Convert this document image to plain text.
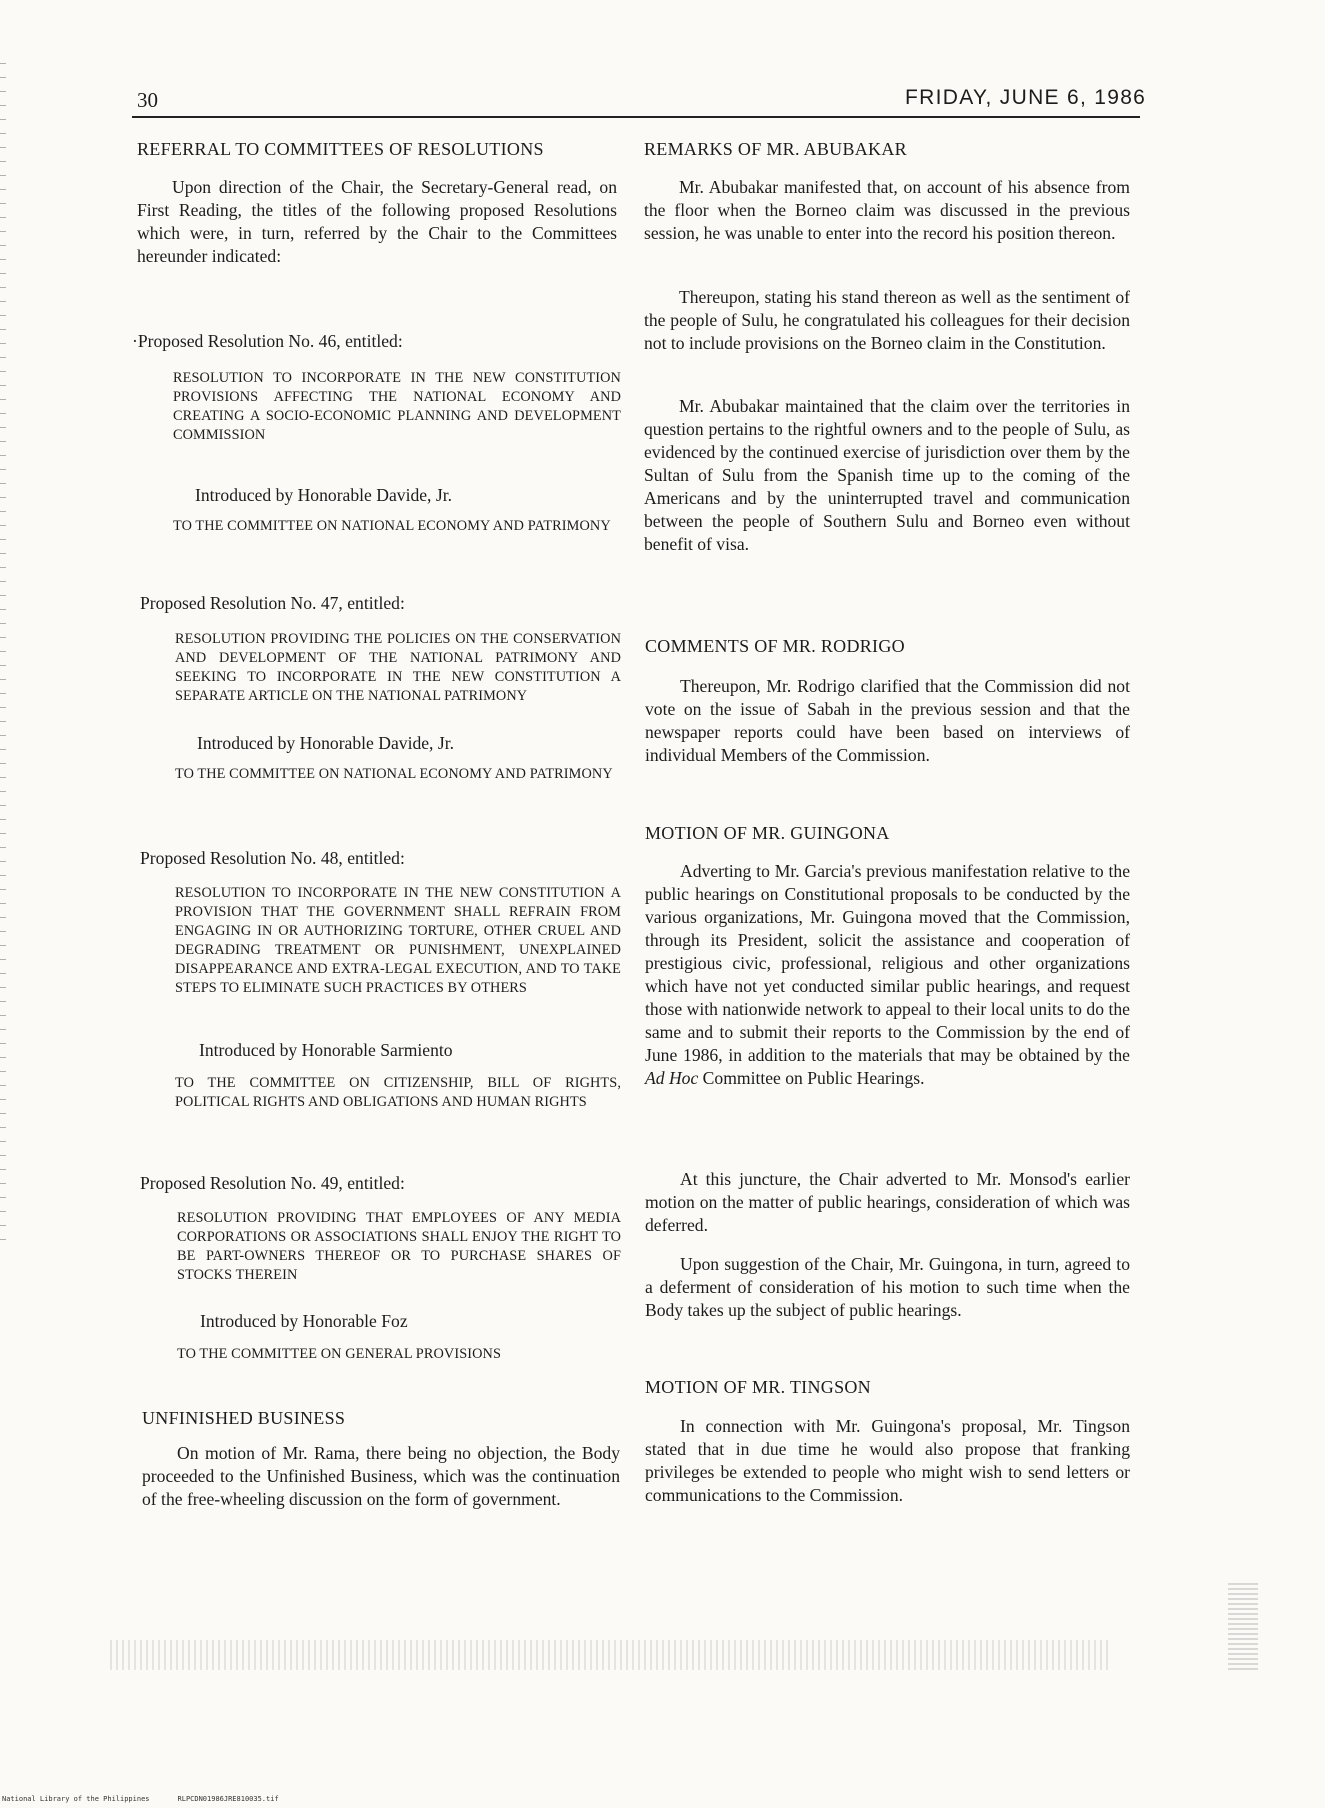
30	FRIDAY, JUNE 6, 1986
REFERRAL TO COMMITTEES OF RESOLUTIONS

Upon direction of the Chair, the Secretary-General read, on First Reading, the titles of the following proposed Resolutions which were, in turn, referred by the Chair to the Committees hereunder indicated:

·Proposed Resolution No. 46, entitled:

RESOLUTION TO INCORPORATE IN THE NEW CONSTITUTION PROVISIONS AFFECTING THE NATIONAL ECONOMY AND CREATING A SOCIO-ECONOMIC PLANNING AND DEVELOPMENT COMMISSION

Introduced by Honorable Davide, Jr.

TO THE COMMITTEE ON NATIONAL ECONOMY AND PATRIMONY

Proposed Resolution No. 47, entitled:

RESOLUTION PROVIDING THE POLICIES ON THE CONSERVATION AND DEVELOPMENT OF THE NATIONAL PATRIMONY AND SEEKING TO INCORPORATE IN THE NEW CONSTITUTION A SEPARATE ARTICLE ON THE NATIONAL PATRIMONY

Introduced by Honorable Davide, Jr.

TO THE COMMITTEE ON NATIONAL ECONOMY AND PATRIMONY

Proposed Resolution No. 48, entitled:

RESOLUTION TO INCORPORATE IN THE NEW CONSTITUTION A PROVISION THAT THE GOVERNMENT SHALL REFRAIN FROM ENGAGING IN OR AUTHORIZING TORTURE, OTHER CRUEL AND DEGRADING TREATMENT OR PUNISHMENT, UNEXPLAINED DISAPPEARANCE AND EXTRA-LEGAL EXECUTION, AND TO TAKE STEPS TO ELIMINATE SUCH PRACTICES BY OTHERS

Introduced by Honorable Sarmiento

TO THE COMMITTEE ON CITIZENSHIP, BILL OF RIGHTS, POLITICAL RIGHTS AND OBLIGATIONS AND HUMAN RIGHTS

Proposed Resolution No. 49, entitled:

RESOLUTION PROVIDING THAT EMPLOYEES OF ANY MEDIA CORPORATIONS OR ASSOCIATIONS SHALL ENJOY THE RIGHT TO BE PART-OWNERS THEREOF OR TO PURCHASE SHARES OF STOCKS THEREIN

Introduced by Honorable Foz

TO THE COMMITTEE ON GENERAL PROVISIONS

UNFINISHED BUSINESS

On motion of Mr. Rama, there being no objection, the Body proceeded to the Unfinished Business, which was the continuation of the free-wheeling discussion on the form of government.

REMARKS OF MR. ABUBAKAR

Mr. Abubakar manifested that, on account of his absence from the floor when the Borneo claim was discussed in the previous session, he was unable to enter into the record his position thereon.

Thereupon, stating his stand thereon as well as the sentiment of the people of Sulu, he congratulated his colleagues for their decision not to include provisions on the Borneo claim in the Constitution.

Mr. Abubakar maintained that the claim over the territories in question pertains to the rightful owners and to the people of Sulu, as evidenced by the continued exercise of jurisdiction over them by the Sultan of Sulu from the Spanish time up to the coming of the Americans and by the uninterrupted travel and communication between the people of Southern Sulu and Borneo even without benefit of visa.

COMMENTS OF MR. RODRIGO

Thereupon, Mr. Rodrigo clarified that the Commission did not vote on the issue of Sabah in the previous session and that the newspaper reports could have been based on interviews of individual Members of the Commission.

MOTION OF MR. GUINGONA

Adverting to Mr. Garcia's previous manifestation relative to the public hearings on Constitutional proposals to be conducted by the various organizations, Mr. Guingona moved that the Commission, through its President, solicit the assistance and cooperation of prestigious civic, professional, religious and other organizations which have not yet conducted similar public hearings, and request those with nationwide network to appeal to their local units to do the same and to submit their reports to the Commission by the end of June 1986, in addition to the materials that may be obtained by the Ad Hoc Committee on Public Hearings.

At this juncture, the Chair adverted to Mr. Monsod's earlier motion on the matter of public hearings, consideration of which was deferred.

Upon suggestion of the Chair, Mr. Guingona, in turn, agreed to a deferment of consideration of his motion to such time when the Body takes up the subject of public hearings.

MOTION OF MR. TINGSON

In connection with Mr. Guingona's proposal, Mr. Tingson stated that in due time he would also propose that franking privileges be extended to people who might wish to send letters or communications to the Commission.

National Library of the Philippines	RLPCDN01986JRE810035.tif
